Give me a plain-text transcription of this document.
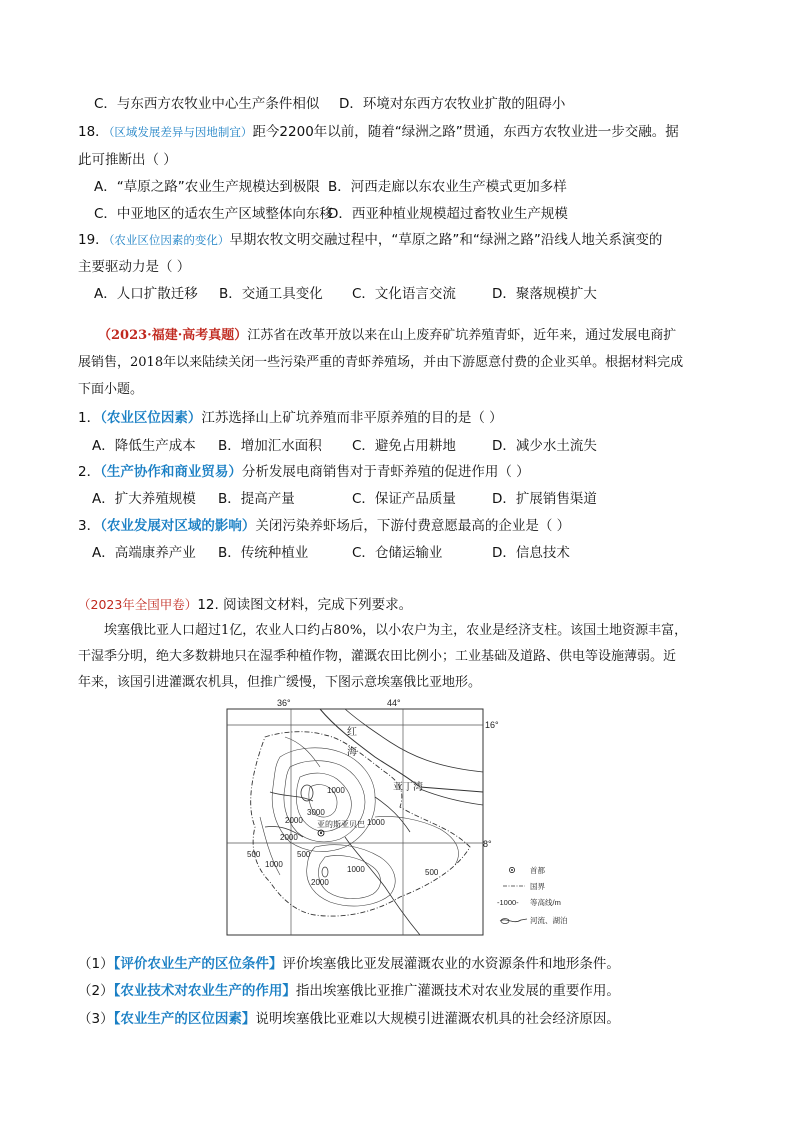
C．与东西方农牧业中心生产条件相似 D．环境对东西方农牧业扩散的阻碍小
18．（区域发展差异与因地制宜）距今2200年以前，随着“绿洲之路”贯通，东西方农牧业进一步交融。据
此可推断出（ ）
A．“草原之路”农业生产规模达到极限 B．河西走廊以东农业生产模式更加多样
C．中亚地区的适农生产区域整体向东移D．西亚种植业规模超过畜牧业生产规模
19．（农业区位因素的变化）早期农牧文明交融过程中，“草原之路”和“绿洲之路”沿线人地关系演变的
主要驱动力是（ ）
A．人口扩散迁移 B．交通工具变化 C．文化语言交流	D．聚落规模扩大
（2023·福建·高考真题）江苏省在改革开放以来在山上废弃矿坑养殖青虾，近年来，通过发展电商扩
展销售，2018年以来陆续关闭一些污染严重的青虾养殖场，并由下游愿意付费的企业买单。根据材料完成
下面小题。
1．（农业区位因素）江苏选择山上矿坑养殖而非平原养殖的目的是（ ）
A．降低生产成本 B．增加汇水面积 C．避免占用耕地	D．减少水土流失
2．（生产协作和商业贸易）分析发展电商销售对于青虾养殖的促进作用（ ）
A．扩大养殖规模 B．提高产量	C．保证产品质量	D．扩展销售渠道
3．（农业发展对区域的影响）关闭污染养虾场后，下游付费意愿最高的企业是（ ）
A．高端康养产业 B．传统种植业	C．仓储运输业	D．信息技术
（2023年全国甲卷）12. 阅读图文材料，完成下列要求。
埃塞俄比亚人口超过1亿，农业人口约占80%，以小农户为主，农业是经济支柱。该国土地资源丰富，
干湿季分明，绝大多数耕地只在湿季种植作物，灌溉农田比例小；工业基础及道路、供电等设施薄弱。近
年来，该国引进灌溉农机具，但推广缓慢，下图示意埃塞俄比亚地形。
36°	44°
16°
8°
亚的斯亚贝巴
红
海
亚丁湾
1000
2000
3000
2000
1000
500	500
1000
2000
1000	500	首都
国界
-1000- 等高线/m
河流、湖泊
（1）【评价农业生产的区位条件】评价埃塞俄比亚发展灌溉农业的水资源条件和地形条件。
（2）【农业技术对农业生产的作用】指出埃塞俄比亚推广灌溉技术对农业发展的重要作用。
（3）【农业生产的区位因素】说明埃塞俄比亚难以大规模引进灌溉农机具的社会经济原因。
